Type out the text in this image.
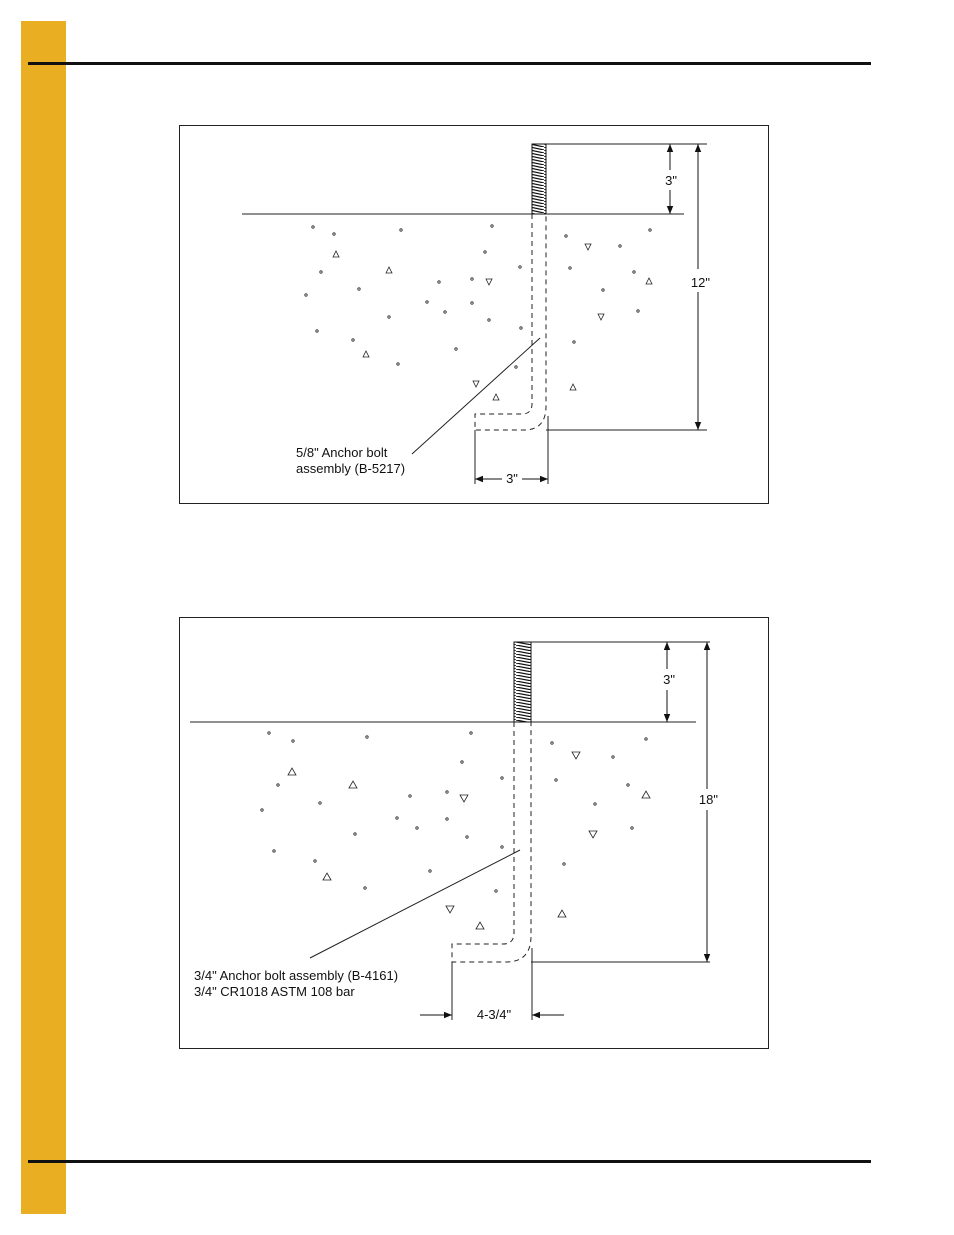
3"
12"
3"
5/8" Anchor bolt
assembly (B-5217)
3"
18"
4-3/4"
3/4" Anchor bolt assembly (B-4161)
3/4" CR1018 ASTM 108 bar
